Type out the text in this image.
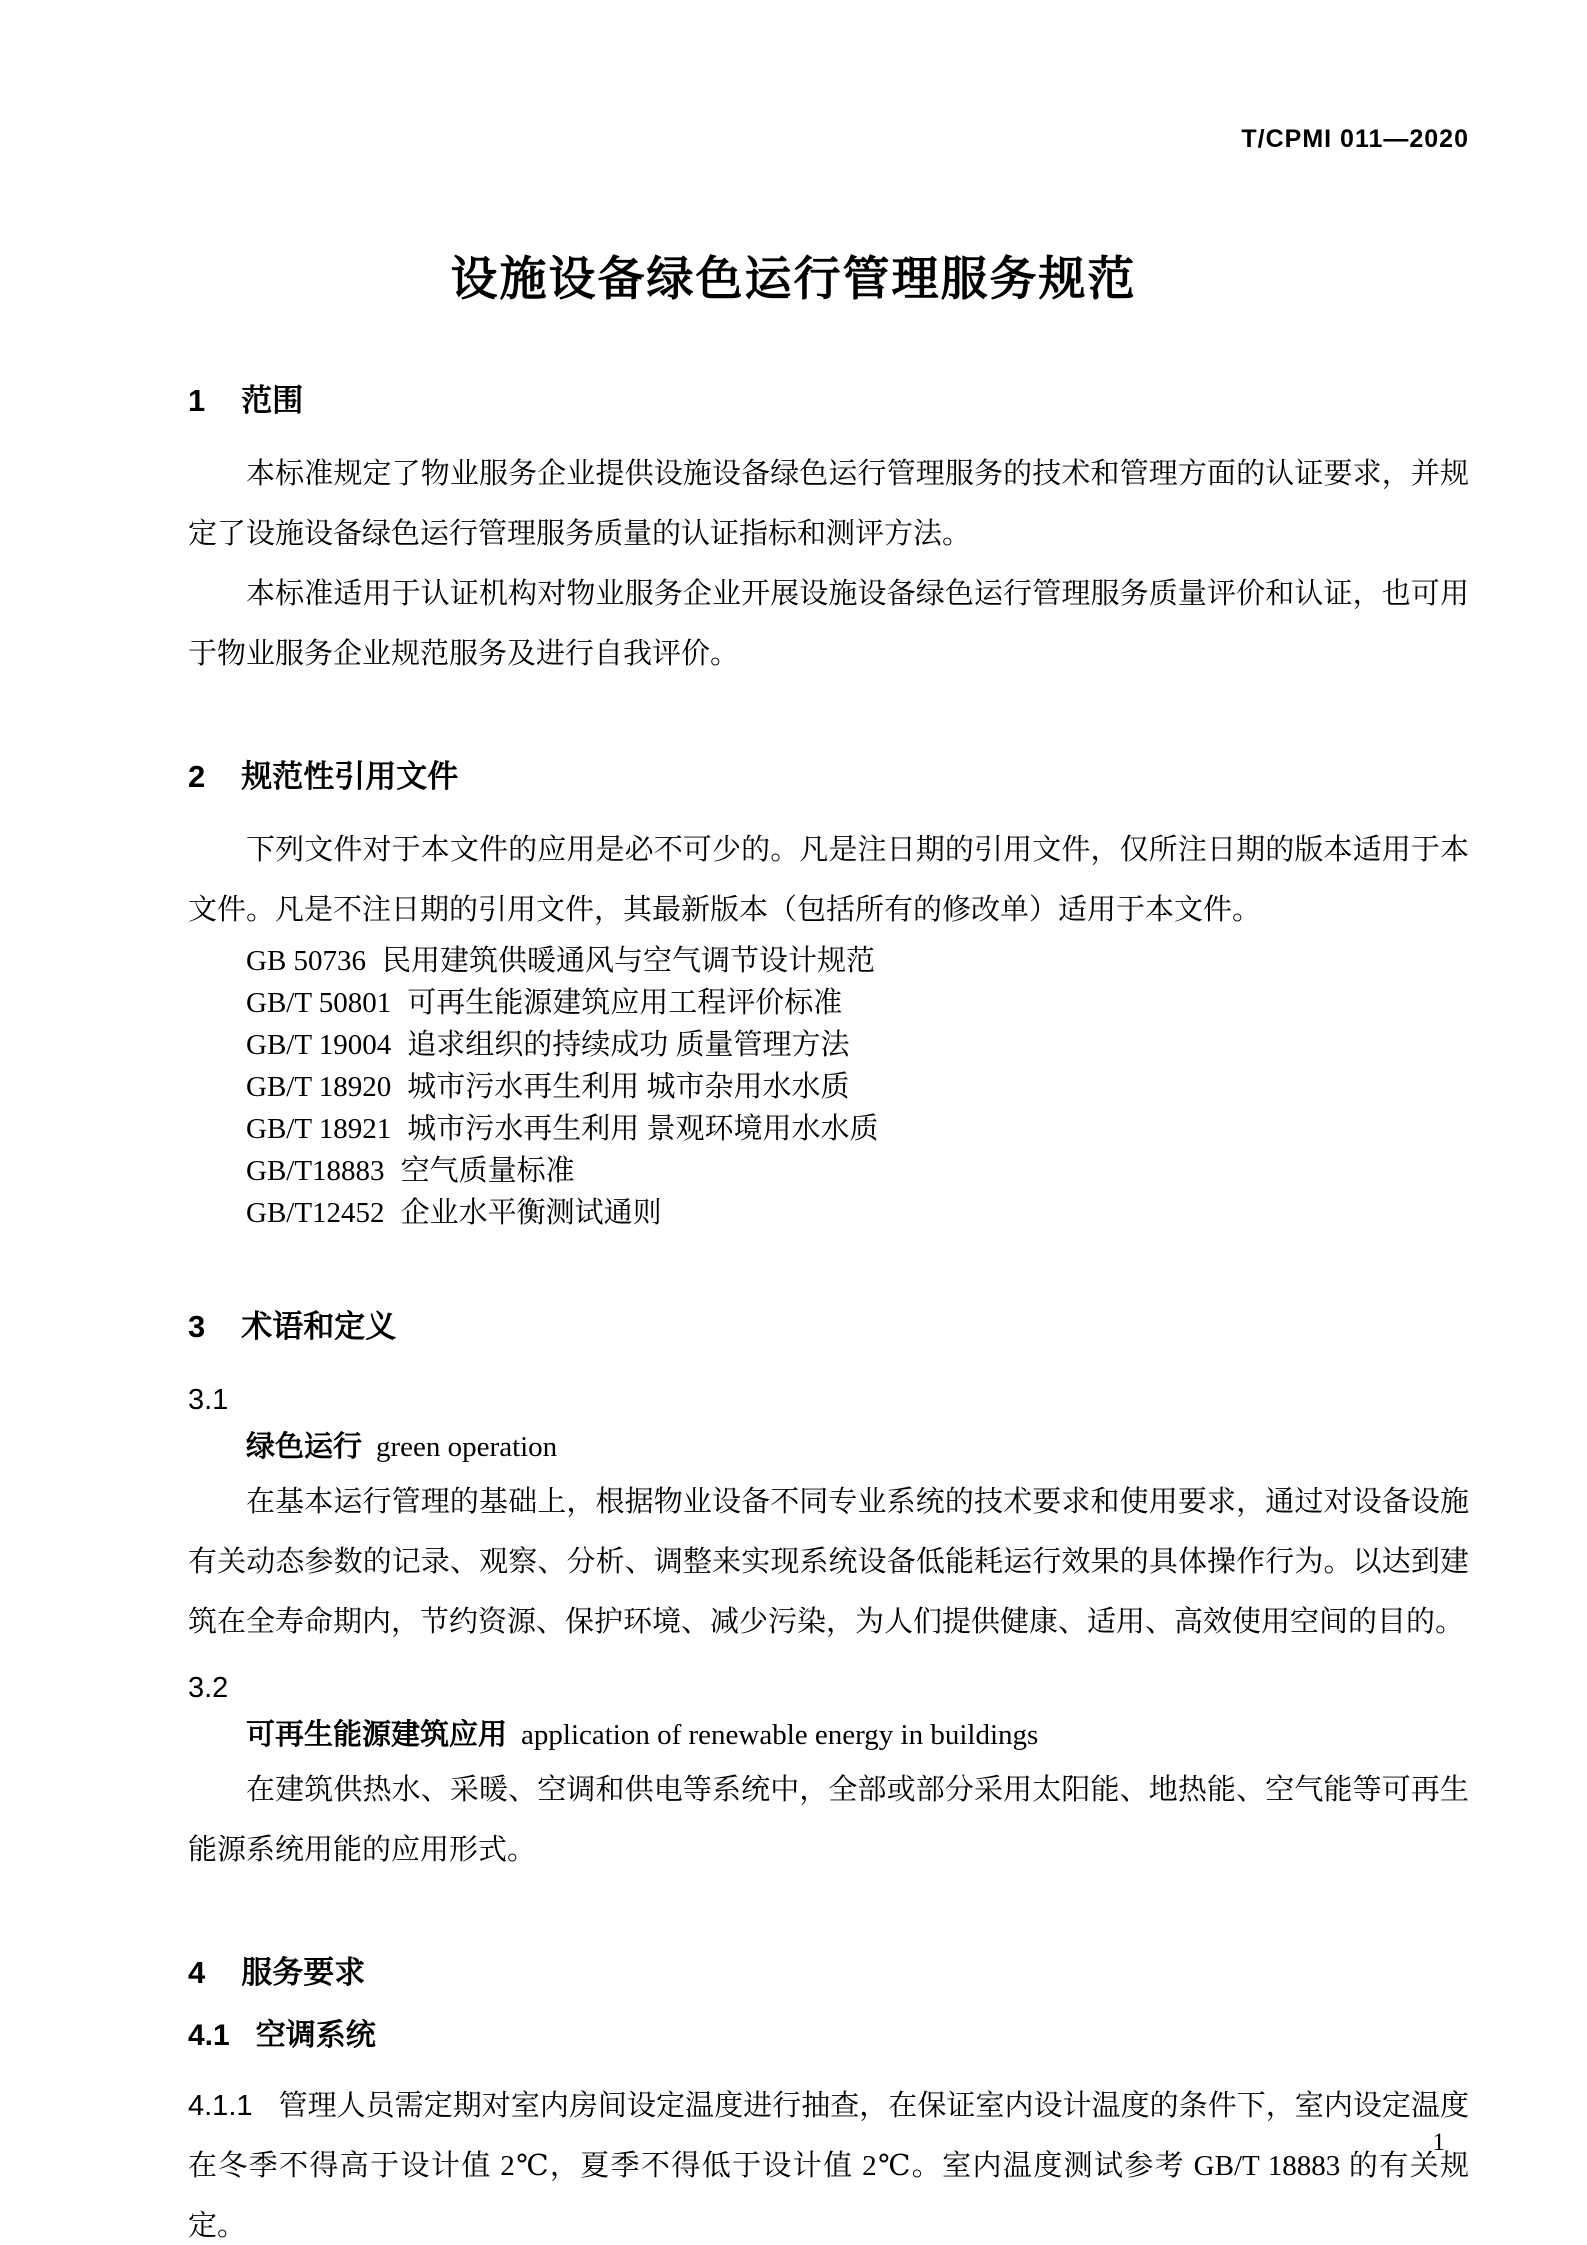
T/CPMI 011—2020
设施设备绿色运行管理服务规范
1 范围

本标准规定了物业服务企业提供设施设备绿色运行管理服务的技术和管理方面的认证要求，并规定了设施设备绿色运行管理服务质量的认证指标和测评方法。

本标准适用于认证机构对物业服务企业开展设施设备绿色运行管理服务质量评价和认证，也可用于物业服务企业规范服务及进行自我评价。

2 规范性引用文件

下列文件对于本文件的应用是必不可少的。凡是注日期的引用文件，仅所注日期的版本适用于本文件。凡是不注日期的引用文件，其最新版本（包括所有的修改单）适用于本文件。

GB 50736 民用建筑供暖通风与空气调节设计规范
GB/T 50801 可再生能源建筑应用工程评价标准
GB/T 19004 追求组织的持续成功 质量管理方法
GB/T 18920 城市污水再生利用 城市杂用水水质
GB/T 18921 城市污水再生利用 景观环境用水水质
GB/T18883 空气质量标准
GB/T12452 企业水平衡测试通则
3 术语和定义
3.1
绿色运行 green operation

在基本运行管理的基础上，根据物业设备不同专业系统的技术要求和使用要求，通过对设备设施有关动态参数的记录、观察、分析、调整来实现系统设备低能耗运行效果的具体操作行为。以达到建筑在全寿命期内，节约资源、保护环境、减少污染，为人们提供健康、适用、高效使用空间的目的。

3.2
可再生能源建筑应用 application of renewable energy in buildings

在建筑供热水、采暖、空调和供电等系统中，全部或部分采用太阳能、地热能、空气能等可再生能源系统用能的应用形式。

4 服务要求
4.1 空调系统

4.1.1 管理人员需定期对室内房间设定温度进行抽查，在保证室内设计温度的条件下，室内设定温度在冬季不得高于设计值 2℃，夏季不得低于设计值 2℃。室内温度测试参考 GB/T 18883 的有关规定。

1
